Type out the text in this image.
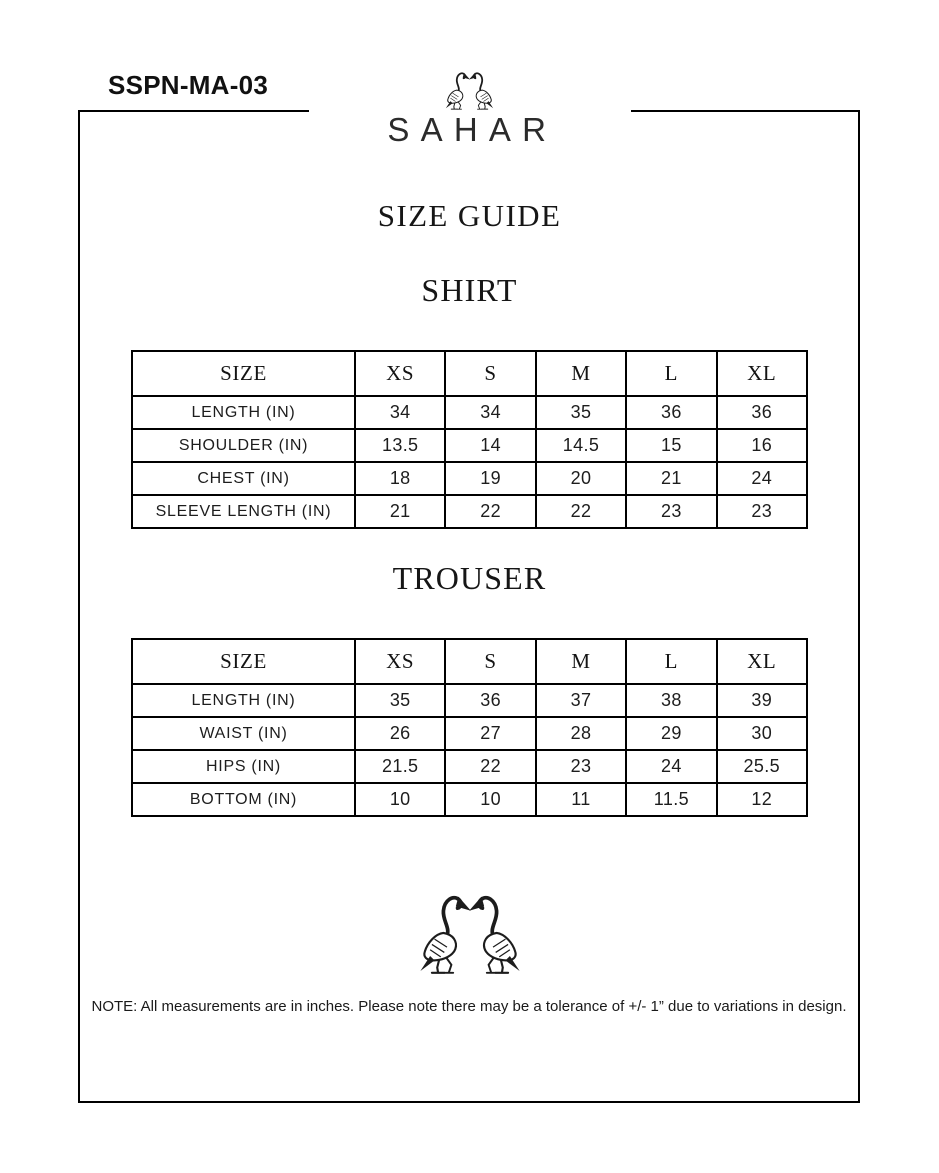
SSPN-MA-03
SAHAR
SIZE GUIDE
SHIRT
SIZE	XS	S	M	L	XL
LENGTH (IN)	34	34	35	36	36
SHOULDER (IN)	13.5	14	14.5	15	16
CHEST (IN)	18	19	20	21	24
SLEEVE LENGTH (IN)	21	22	22	23	23
TROUSER
SIZE	XS	S	M	L	XL
LENGTH (IN)	35	36	37	38	39
WAIST (IN)	26	27	28	29	30
HIPS (IN)	21.5	22	23	24	25.5
BOTTOM (IN)	10	10	11	11.5	12
NOTE: All measurements are in inches. Please note there may be a tolerance of +/- 1” due to variations in design.
